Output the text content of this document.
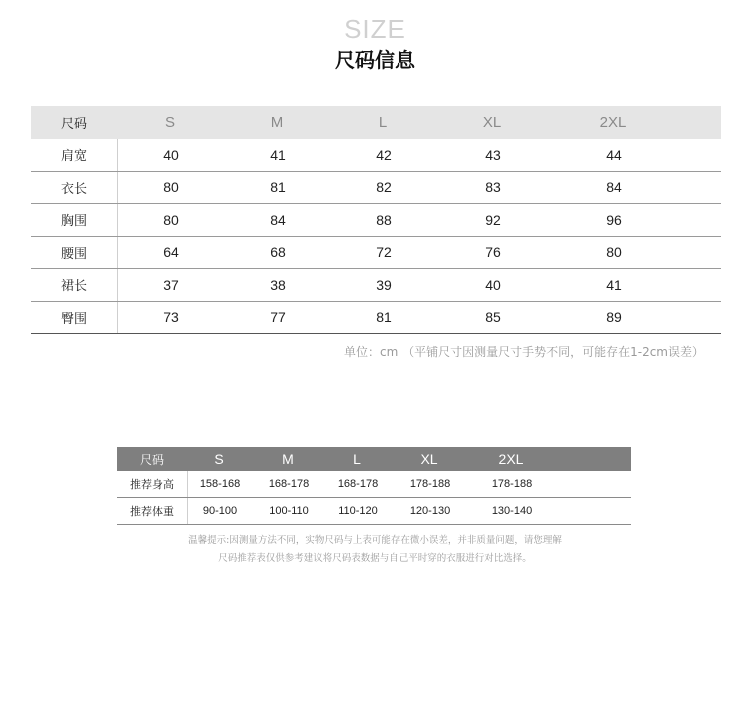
SIZE
尺码信息
尺码	S	M	L	XL	2XL
肩宽	40	41	42	43	44
衣长	80	81	82	83	84
胸围	80	84	88	92	96
腰围	64	68	72	76	80
裙长	37	38	39	40	41
臀围	73	77	81	85	89
单位：cm （平铺尺寸因测量尺寸手势不同，可能存在1-2cm误差）
尺码	S	M	L	XL	2XL
推荐身高	158-168	168-178	168-178	178-188	178-188
推荐体重	90-100	100-110	110-120	120-130	130-140
温馨提示:因测量方法不同，实物尺码与上表可能存在微小误差，并非质量问题，请您理解
尺码推荐表仅供参考建议将尺码表数据与自己平时穿的衣服进行对比选择。
